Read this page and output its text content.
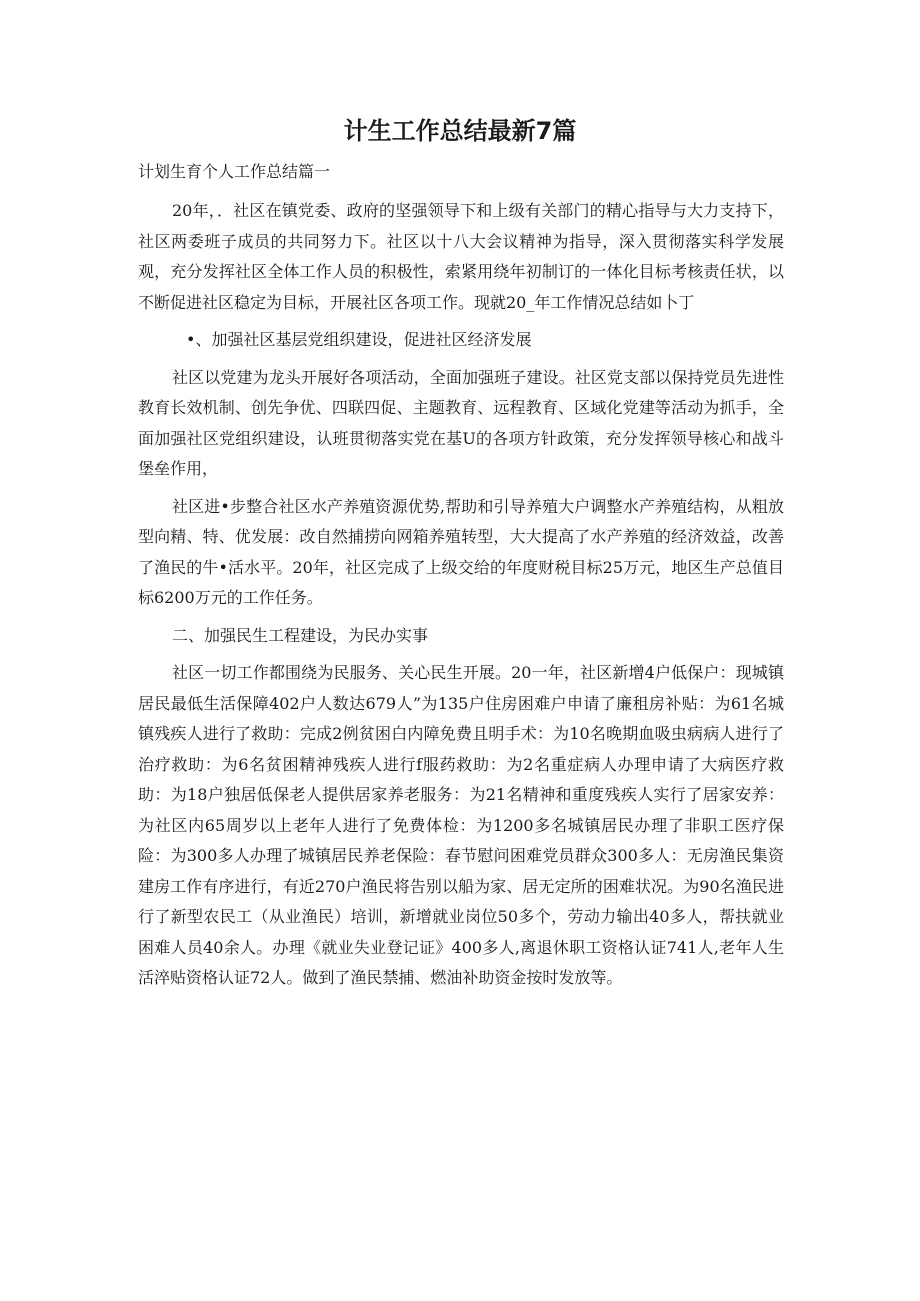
计生工作总结最新7篇

计划生育个人工作总结篇一

20年，．社区在镇党委、政府的坚强领导下和上级有关部门的精心指导与大力支持下，社区两委班子成员的共同努力下。社区以十八大会议精神为指导，深入贯彻落实科学发展观，充分发挥社区全体工作人员的积极性，索紧用绕年初制订的一体化目标考核责任状，以不断促进社区稳定为目标，开展社区各项工作。现就20_年工作情况总结如卜丁

•、加强社区基层党组织建设，促进社区经济发展

社区以党建为龙头开展好各项活动，全面加强班子建设。社区党支部以保持党员先进性教育长效机制、创先争优、四联四促、主题教育、远程教育、区域化党建等活动为抓手，全面加强社区党组织建设，认班贯彻落实党在基U的各项方针政策，充分发挥领导核心和战斗堡垒作用，

社区进•步整合社区水产养殖资源优势,帮助和引导养殖大户调整水产养殖结构，从粗放型向精、特、优发展：改自然捕捞向网箱养殖转型，大大提高了水产养殖的经济效益，改善了渔民的牛•活水平。20年，社区完成了上级交给的年度财税目标25万元，地区生产总值目标6200万元的工作任务。

二、加强民生工程建设，为民办实事

社区一切工作都围绕为民服务、关心民生开展。20一年，社区新增4户低保户：现城镇居民最低生活保障402户人数达679人”为135户住房困难户申请了廉租房补贴：为61名城镇残疾人进行了救助：完成2例贫困白内障免费且明手术：为10名晚期血吸虫病病人进行了治疗救助：为6名贫困精神残疾人进行f服药救助：为2名重症病人办理申请了大病医疗救助：为18户独居低保老人提供居家养老服务：为21名精神和重度残疾人实行了居家安养：为社区内65周岁以上老年人进行了免费体检：为1200多名城镇居民办理了非职工医疗保险：为300多人办理了城镇居民养老保险：春节慰问困难党员群众300多人：无房渔民集资建房工作有序进行，有近270户渔民将告别以船为家、居无定所的困难状况。为90名渔民进行了新型农民工（从业渔民）培训，新增就业岗位50多个，劳动力输出40多人，帮扶就业困难人员40余人。办理《就业失业登记证》400多人,离退休职工资格认证741人,老年人生活淬贴资格认证72人。做到了渔民禁捕、燃油补助资金按时发放等。
